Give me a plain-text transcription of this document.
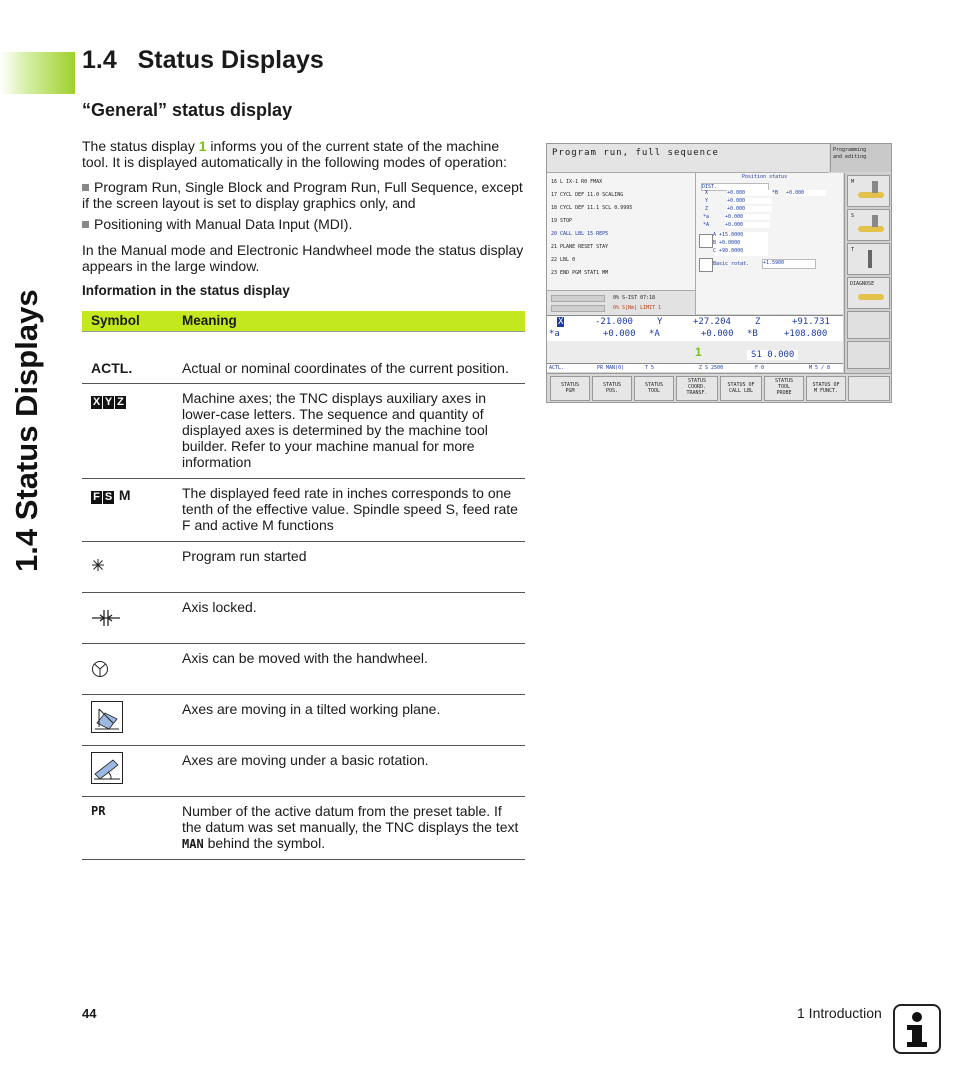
1.4 Status Displays
1.4 Status Displays
“General” status display
The status display 1 informs you of the current state of the machine tool. It is displayed automatically in the following modes of operation:
Program Run, Single Block and Program Run, Full Sequence, except if the screen layout is set to display graphics only, and
Positioning with Manual Data Input (MDI).
In the Manual mode and Electronic Handwheel mode the status display appears in the large window.
Information in the status display
Symbol	Meaning
ACTL.	Actual or nominal coordinates of the current position.
X Y Z	Machine axes; the TNC displays auxiliary axes in lower-case letters. The sequence and quantity of displayed axes is determined by the machine tool builder. Refer to your machine manual for more information
F S M	The displayed feed rate in inches corresponds to one tenth of the effective value. Spindle speed S, feed rate F and active M functions
Program run started
Axis locked.
Axis can be moved with the handwheel.
Axes are moving in a tilted working plane.
Axes are moving under a basic rotation.
PR	Number of the active datum from the preset table. If the datum was set manually, the TNC displays the text MAN behind the symbol.
Program run, full sequence	Programming
and editing
16 L IX-1 R0 FMAX
17 CYCL DEF 11.0 SCALING
18 CYCL DEF 11.1 SCL 0.9995
19 STOP
20 CALL LBL 15 REP5
21 PLANE RESET STAY
22 LBL 0
23 END PGM STAT1 MM
0% S-IST 07:18
0% S[Nm] LIMIT 1
Position status
DIST.
X	+0.000	*B +0.000
Y	+0.000
Z	+0.000
*a	+0.000
*A	+0.000
A +15.0000
B +0.0000
C +90.0000
Basic rotat.	+1.5900
X	-21.000	Y	+27.204	Z	+91.731
*a	+0.000 *A	+0.000 *B	+108.800
1	S1 0.000
ACTL.	PR MAN(0)	T 5	Z S 2500	F 0	M 5 / 8
STATUS
PGM
STATUS
POS.
STATUS
TOOL
STATUS
COORD.
TRANSF.
STATUS OF
CALL LBL
STATUS
TOOL
PROBE
STATUS OF
M FUNCT.
M
S
T
DIAGNOSE
44	1 Introduction
